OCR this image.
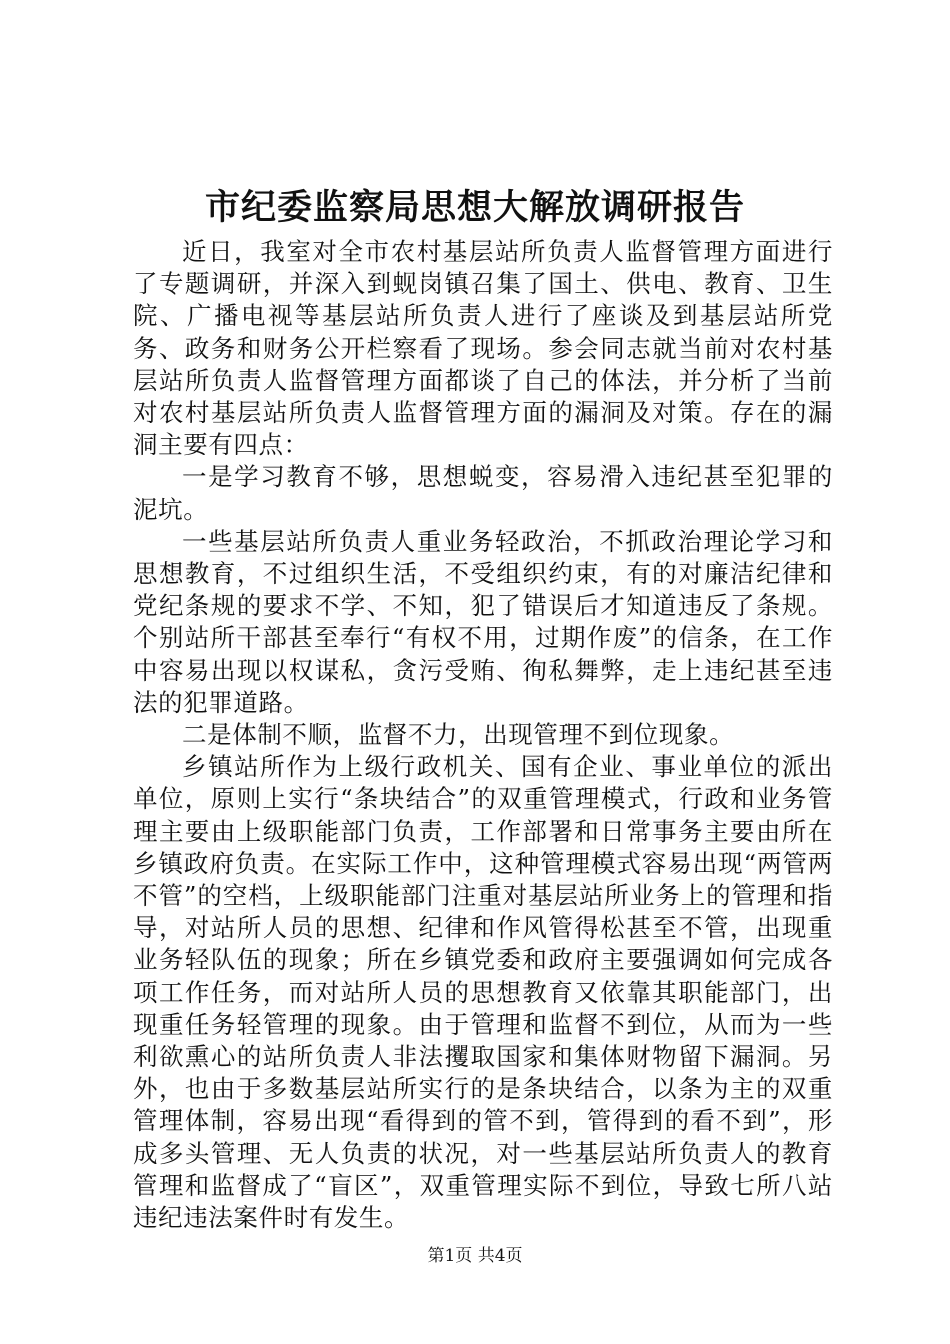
市纪委监察局思想大解放调研报告

近日，我室对全市农村基层站所负责人监督管理方面进行了专题调研，并深入到蚬岗镇召集了国土、供电、教育、卫生院、广播电视等基层站所负责人进行了座谈及到基层站所党务、政务和财务公开栏察看了现场。参会同志就当前对农村基层站所负责人监督管理方面都谈了自己的体法，并分析了当前对农村基层站所负责人监督管理方面的漏洞及对策。存在的漏洞主要有四点：

一是学习教育不够，思想蜕变，容易滑入违纪甚至犯罪的泥坑。

一些基层站所负责人重业务轻政治，不抓政治理论学习和思想教育，不过组织生活，不受组织约束，有的对廉洁纪律和党纪条规的要求不学、不知，犯了错误后才知道违反了条规。个别站所干部甚至奉行“有权不用，过期作废”的信条，在工作中容易出现以权谋私，贪污受贿、徇私舞弊，走上违纪甚至违法的犯罪道路。

二是体制不顺，监督不力，出现管理不到位现象。

乡镇站所作为上级行政机关、国有企业、事业单位的派出单位，原则上实行“条块结合”的双重管理模式，行政和业务管理主要由上级职能部门负责，工作部署和日常事务主要由所在乡镇政府负责。在实际工作中，这种管理模式容易出现“两管两不管”的空档，上级职能部门注重对基层站所业务上的管理和指导，对站所人员的思想、纪律和作风管得松甚至不管，出现重业务轻队伍的现象；所在乡镇党委和政府主要强调如何完成各项工作任务，而对站所人员的思想教育又依靠其职能部门，出现重任务轻管理的现象。由于管理和监督不到位，从而为一些利欲熏心的站所负责人非法攫取国家和集体财物留下漏洞。另外，也由于多数基层站所实行的是条块结合，以条为主的双重管理体制，容易出现“看得到的管不到，管得到的看不到”，形成多头管理、无人负责的状况，对一些基层站所负责人的教育管理和监督成了“盲区”，双重管理实际不到位，导致七所八站违纪违法案件时有发生。

第1页 共4页
